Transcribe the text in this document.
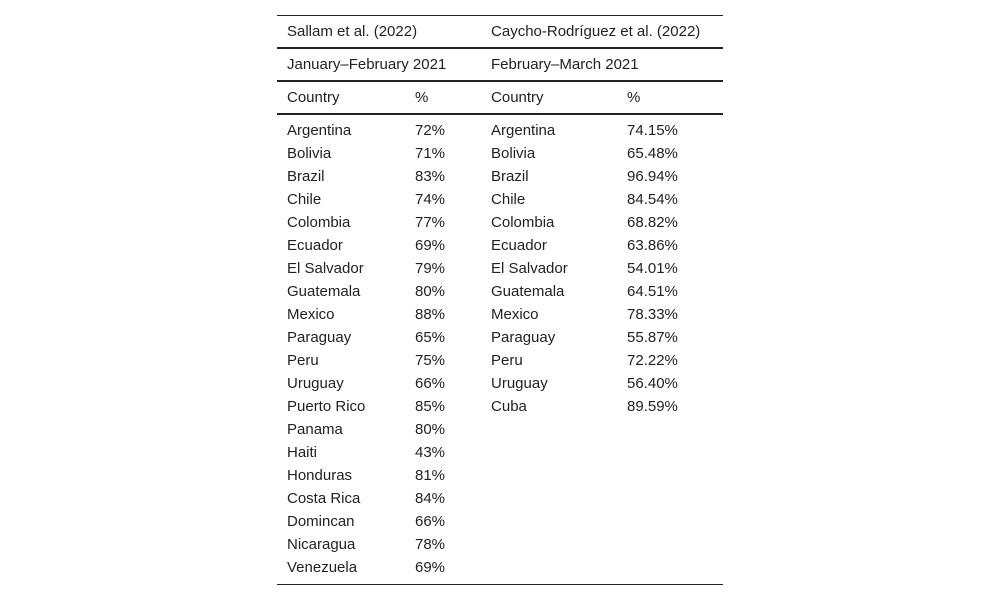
Sallam et al. (2022)		Caycho-Rodríguez et al. (2022)	
January–February 2021		February–March 2021	
Country	%	Country	%
Argentina	72%	Argentina	74.15%
Bolivia	71%	Bolivia	65.48%
Brazil	83%	Brazil	96.94%
Chile	74%	Chile	84.54%
Colombia	77%	Colombia	68.82%
Ecuador	69%	Ecuador	63.86%
El Salvador	79%	El Salvador	54.01%
Guatemala	80%	Guatemala	64.51%
Mexico	88%	Mexico	78.33%
Paraguay	65%	Paraguay	55.87%
Peru	75%	Peru	72.22%
Uruguay	66%	Uruguay	56.40%
Puerto Rico	85%	Cuba	89.59%
Panama	80%		
Haiti	43%		
Honduras	81%		
Costa Rica	84%		
Domincan	66%		
Nicaragua	78%		
Venezuela	69%		
